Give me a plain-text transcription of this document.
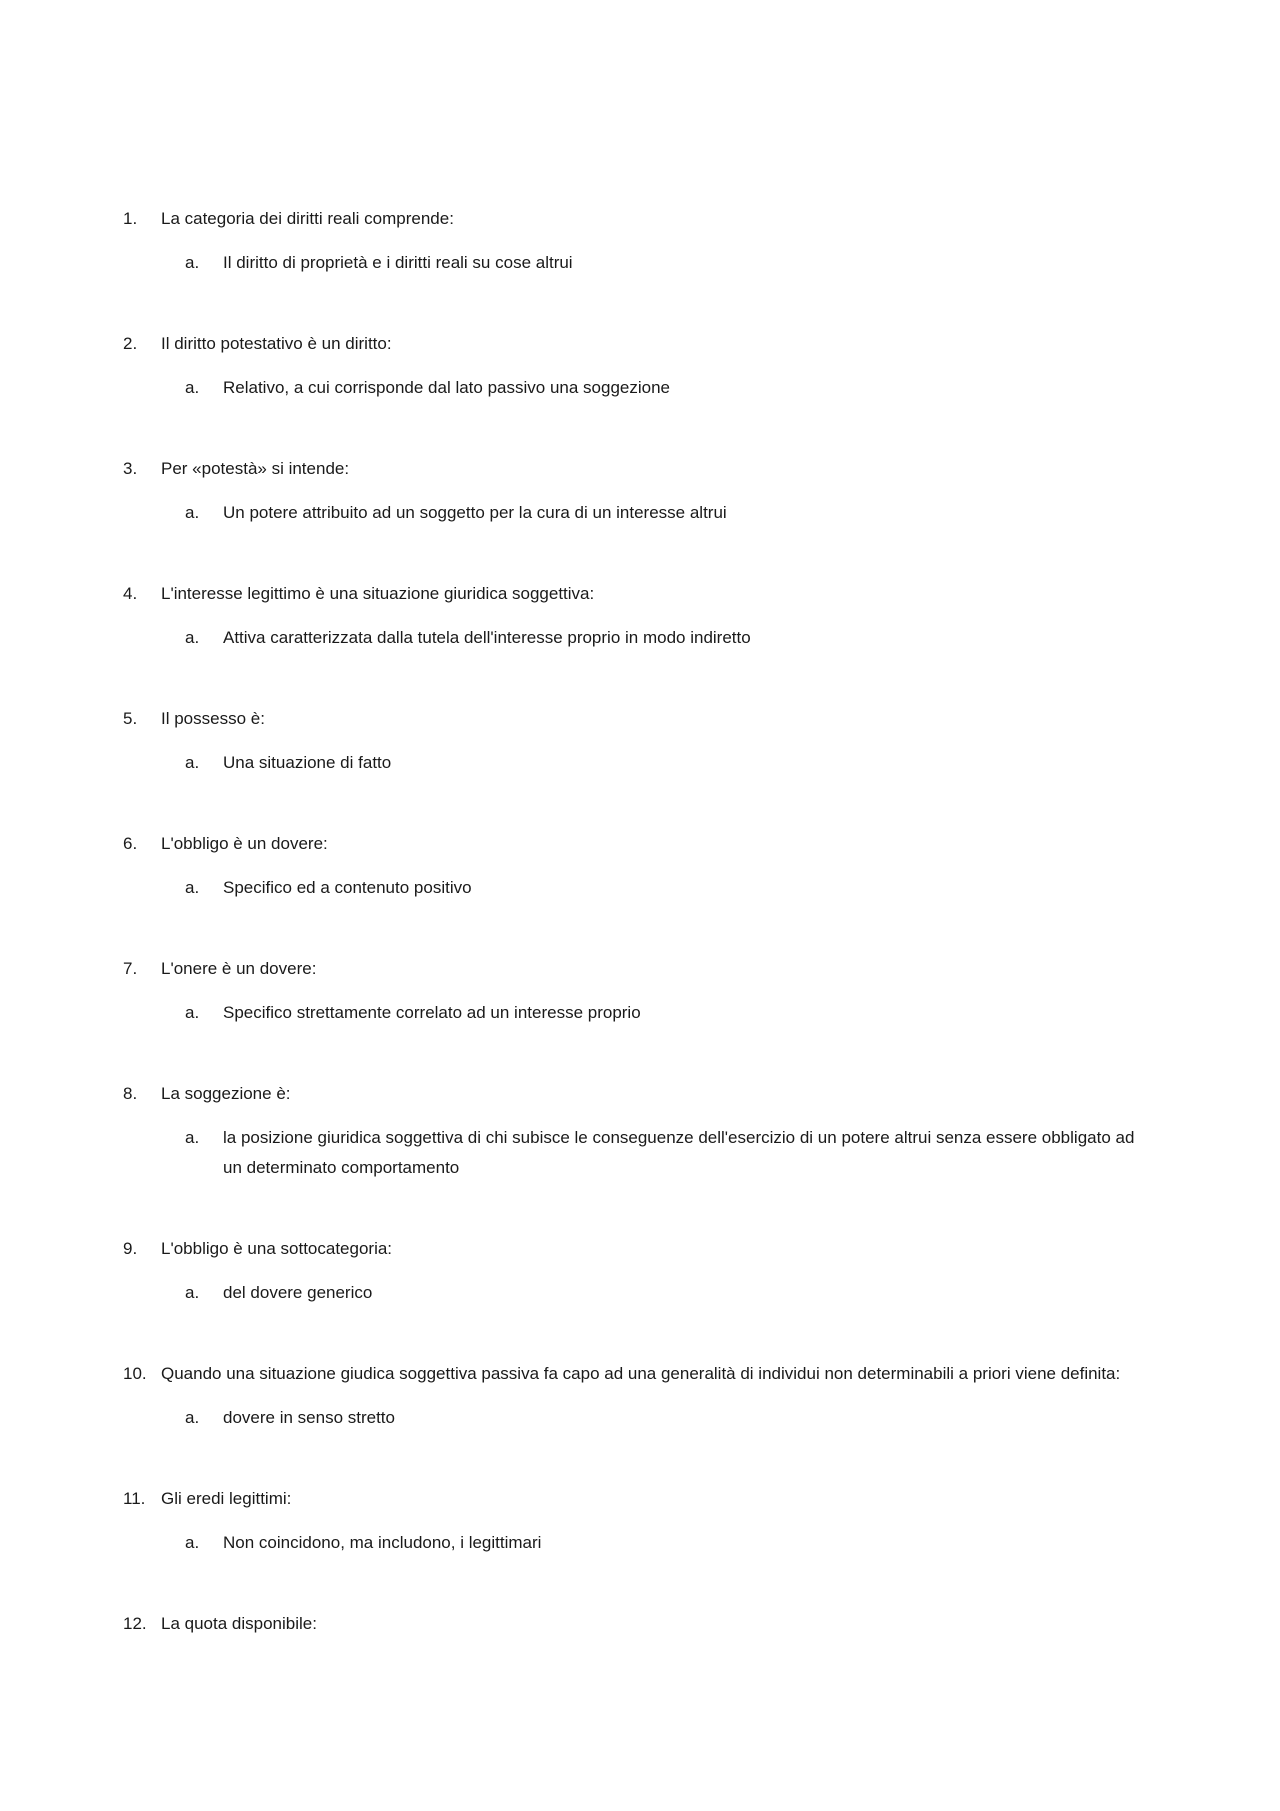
1.	La categoria dei diritti reali comprende:
a.	Il diritto di proprietà e i diritti reali su cose altrui
2.	Il diritto potestativo è un diritto:
a.	Relativo, a cui corrisponde dal lato passivo una soggezione
3.	Per «potestà» si intende:
a.	Un potere attribuito ad un soggetto per la cura di un interesse altrui
4.	L'interesse legittimo è una situazione giuridica soggettiva:
a.	Attiva caratterizzata dalla tutela dell'interesse proprio in modo indiretto
5.	Il possesso è:
a.	Una situazione di fatto
6.	L'obbligo è un dovere:
a.	Specifico ed a contenuto positivo
7.	L'onere è un dovere:
a.	Specifico strettamente correlato ad un interesse proprio
8.	La soggezione è:
a.	la posizione giuridica soggettiva di chi subisce le conseguenze dell'esercizio di un potere altrui senza essere obbligato ad un determinato comportamento
9.	L'obbligo è una sottocategoria:
a.	del dovere generico
10. Quando una situazione giudica soggettiva passiva fa capo ad una generalità di individui non determinabili a priori viene definita:
a.	dovere in senso stretto
11. Gli eredi legittimi:
a.	Non coincidono, ma includono, i legittimari
12. La quota disponibile:
